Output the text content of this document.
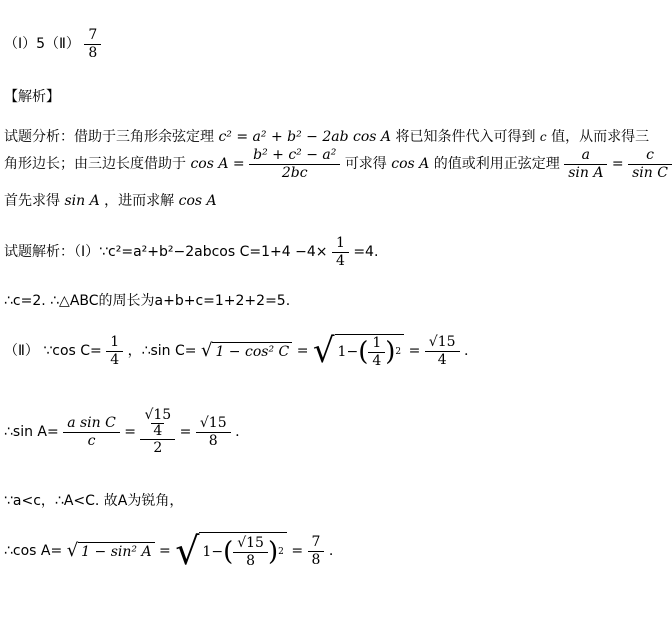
（Ⅰ）5（Ⅱ） $\frac{7}{8}$
【解析】
试题分析：借助于三角形余弦定理 c² = a² + b² − 2ab cos A 将已知条件代入可得到 c 值，从而求得三
角形边长；由三边长度借助于 $\cos A = \frac{\text{b² + c² − a²}}{2bc}$ 可求得 cos A 的值或利用正弦定理 $\frac{a}{\text{sin A}} = \frac{c}{\text{sin C}}$
首先求得 sin A ，进而求解 cos A
试题解析：（Ⅰ）∵c²=a²+b²−2abcos $C=1+4 -4\times \frac{1}{4} =4$.
∴c=2. ∴△ABC的周长为a+b+c=1+2+2=5.
（Ⅱ） ∵cos $C= \frac{1}{4}$ ，∴sin C= √ 1 − cos² C = √ 1− ( $\frac{1}{4}$ ) $2 = \frac{√15}{4}$ .
∴sin $A= \frac{\text{a sin C}}{c} = √15$
4
$2 = \frac{√15}{8}$ .
∵a<c，∴A<C. 故A为锐角，
∴cos A= √ 1 − sin² A = √ 1− ( $\frac{√15}{8}$ ) $2 = \frac{7}{8}$ .
